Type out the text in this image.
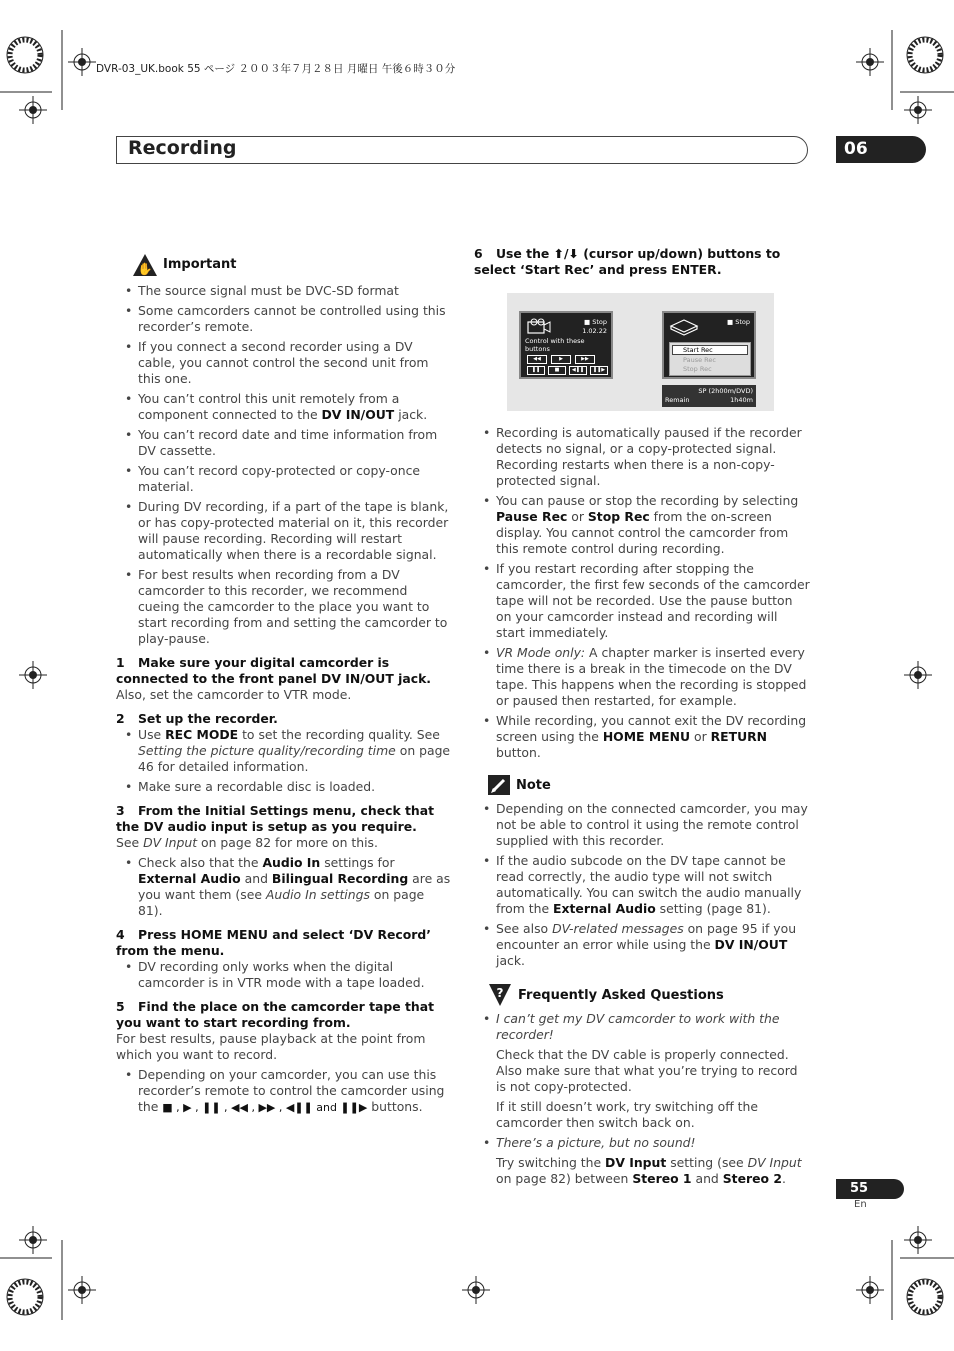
DVR-03_UK.book 55 ページ ２００３年７月２８日 月曜日 午後６時３０分
Recording	06
✋ Important
• The source signal must be DVC-SD format
• Some camcorders cannot be controlled using this recorder’s remote.
• If you connect a second recorder using a DV cable, you cannot control the second unit from this one.
• You can’t control this unit remotely from a component connected to the DV IN/OUT jack.
• You can’t record date and time information from DV cassette.
• You can’t record copy-protected or copy-once material.
• During DV recording, if a part of the tape is blank, or has copy-protected material on it, this recorder will pause recording. Recording will restart automatically when there is a recordable signal.
• For best results when recording from a DV camcorder to this recorder, we recommend cueing the camcorder to the place you want to start recording from and setting the camcorder to play-pause.

1 Make sure your digital camcorder is connected to the front panel DV IN/OUT jack.

Also, set the camcorder to VTR mode.

2 Set up the recorder.

• Use REC MODE to set the recording quality. See Setting the picture quality/recording time on page 46 for detailed information.
• Make sure a recordable disc is loaded.

3 From the Initial Settings menu, check that the DV audio input is setup as you require.

See DV Input on page 82 for more on this.

• Check also that the Audio In settings for External Audio and Bilingual Recording are as you want them (see Audio In settings on page 81).

4 Press HOME MENU and select ‘DV Record’ from the menu.

• DV recording only works when the digital camcorder is in VTR mode with a tape loaded.

5 Find the place on the camcorder tape that you want to start recording from.

For best results, pause playback at the point from which you want to record.

• Depending on your camcorder, you can use this recorder’s remote to control the camcorder using the ■ , ▶ , ❚❚ , ◀◀ , ▶▶ , ◀❚❚ and ❚❚▶ buttons.

6 Use the ⬆/⬇ (cursor up/down) buttons to select ‘Start Rec’ and press ENTER.

■ Stop
1.02.22
Control with these
buttons
◀◀	▶	▶▶
❚❚	■	◀❚❚	❚❚▶
■ Stop
Start Rec
Pause Rec
Stop Rec
SP (2h00m/DVD)
Remain	1h40m
• Recording is automatically paused if the recorder detects no signal, or a copy-protected signal. Recording restarts when there is a non-copy-protected signal.
• You can pause or stop the recording by selecting Pause Rec or Stop Rec from the on-screen display. You cannot control the camcorder from this remote control during recording.
• If you restart recording after stopping the camcorder, the first few seconds of the camcorder tape will not be recorded. Use the pause button on your camcorder instead and recording will start immediately.
• VR Mode only: A chapter marker is inserted every time there is a break in the timecode on the DV tape. This happens when the recording is stopped or paused then restarted, for example.
• While recording, you cannot exit the DV recording screen using the HOME MENU or RETURN button.
Note
• Depending on the connected camcorder, you may not be able to control it using the remote control supplied with this recorder.
• If the audio subcode on the DV tape cannot be read correctly, the audio type will not switch automatically. You can switch the audio manually from the External Audio setting (page 81).
• See also DV-related messages on page 95 if you encounter an error while using the DV IN/OUT jack.
? Frequently Asked Questions
• I can’t get my DV camcorder to work with the recorder!

Check that the DV cable is properly connected. Also make sure that what you’re trying to record is not copy-protected.

If it still doesn’t work, try switching off the camcorder then switch back on.

• There’s a picture, but no sound!

Try switching the DV Input setting (see DV Input on page 82) between Stereo 1 and Stereo 2.

55
En
